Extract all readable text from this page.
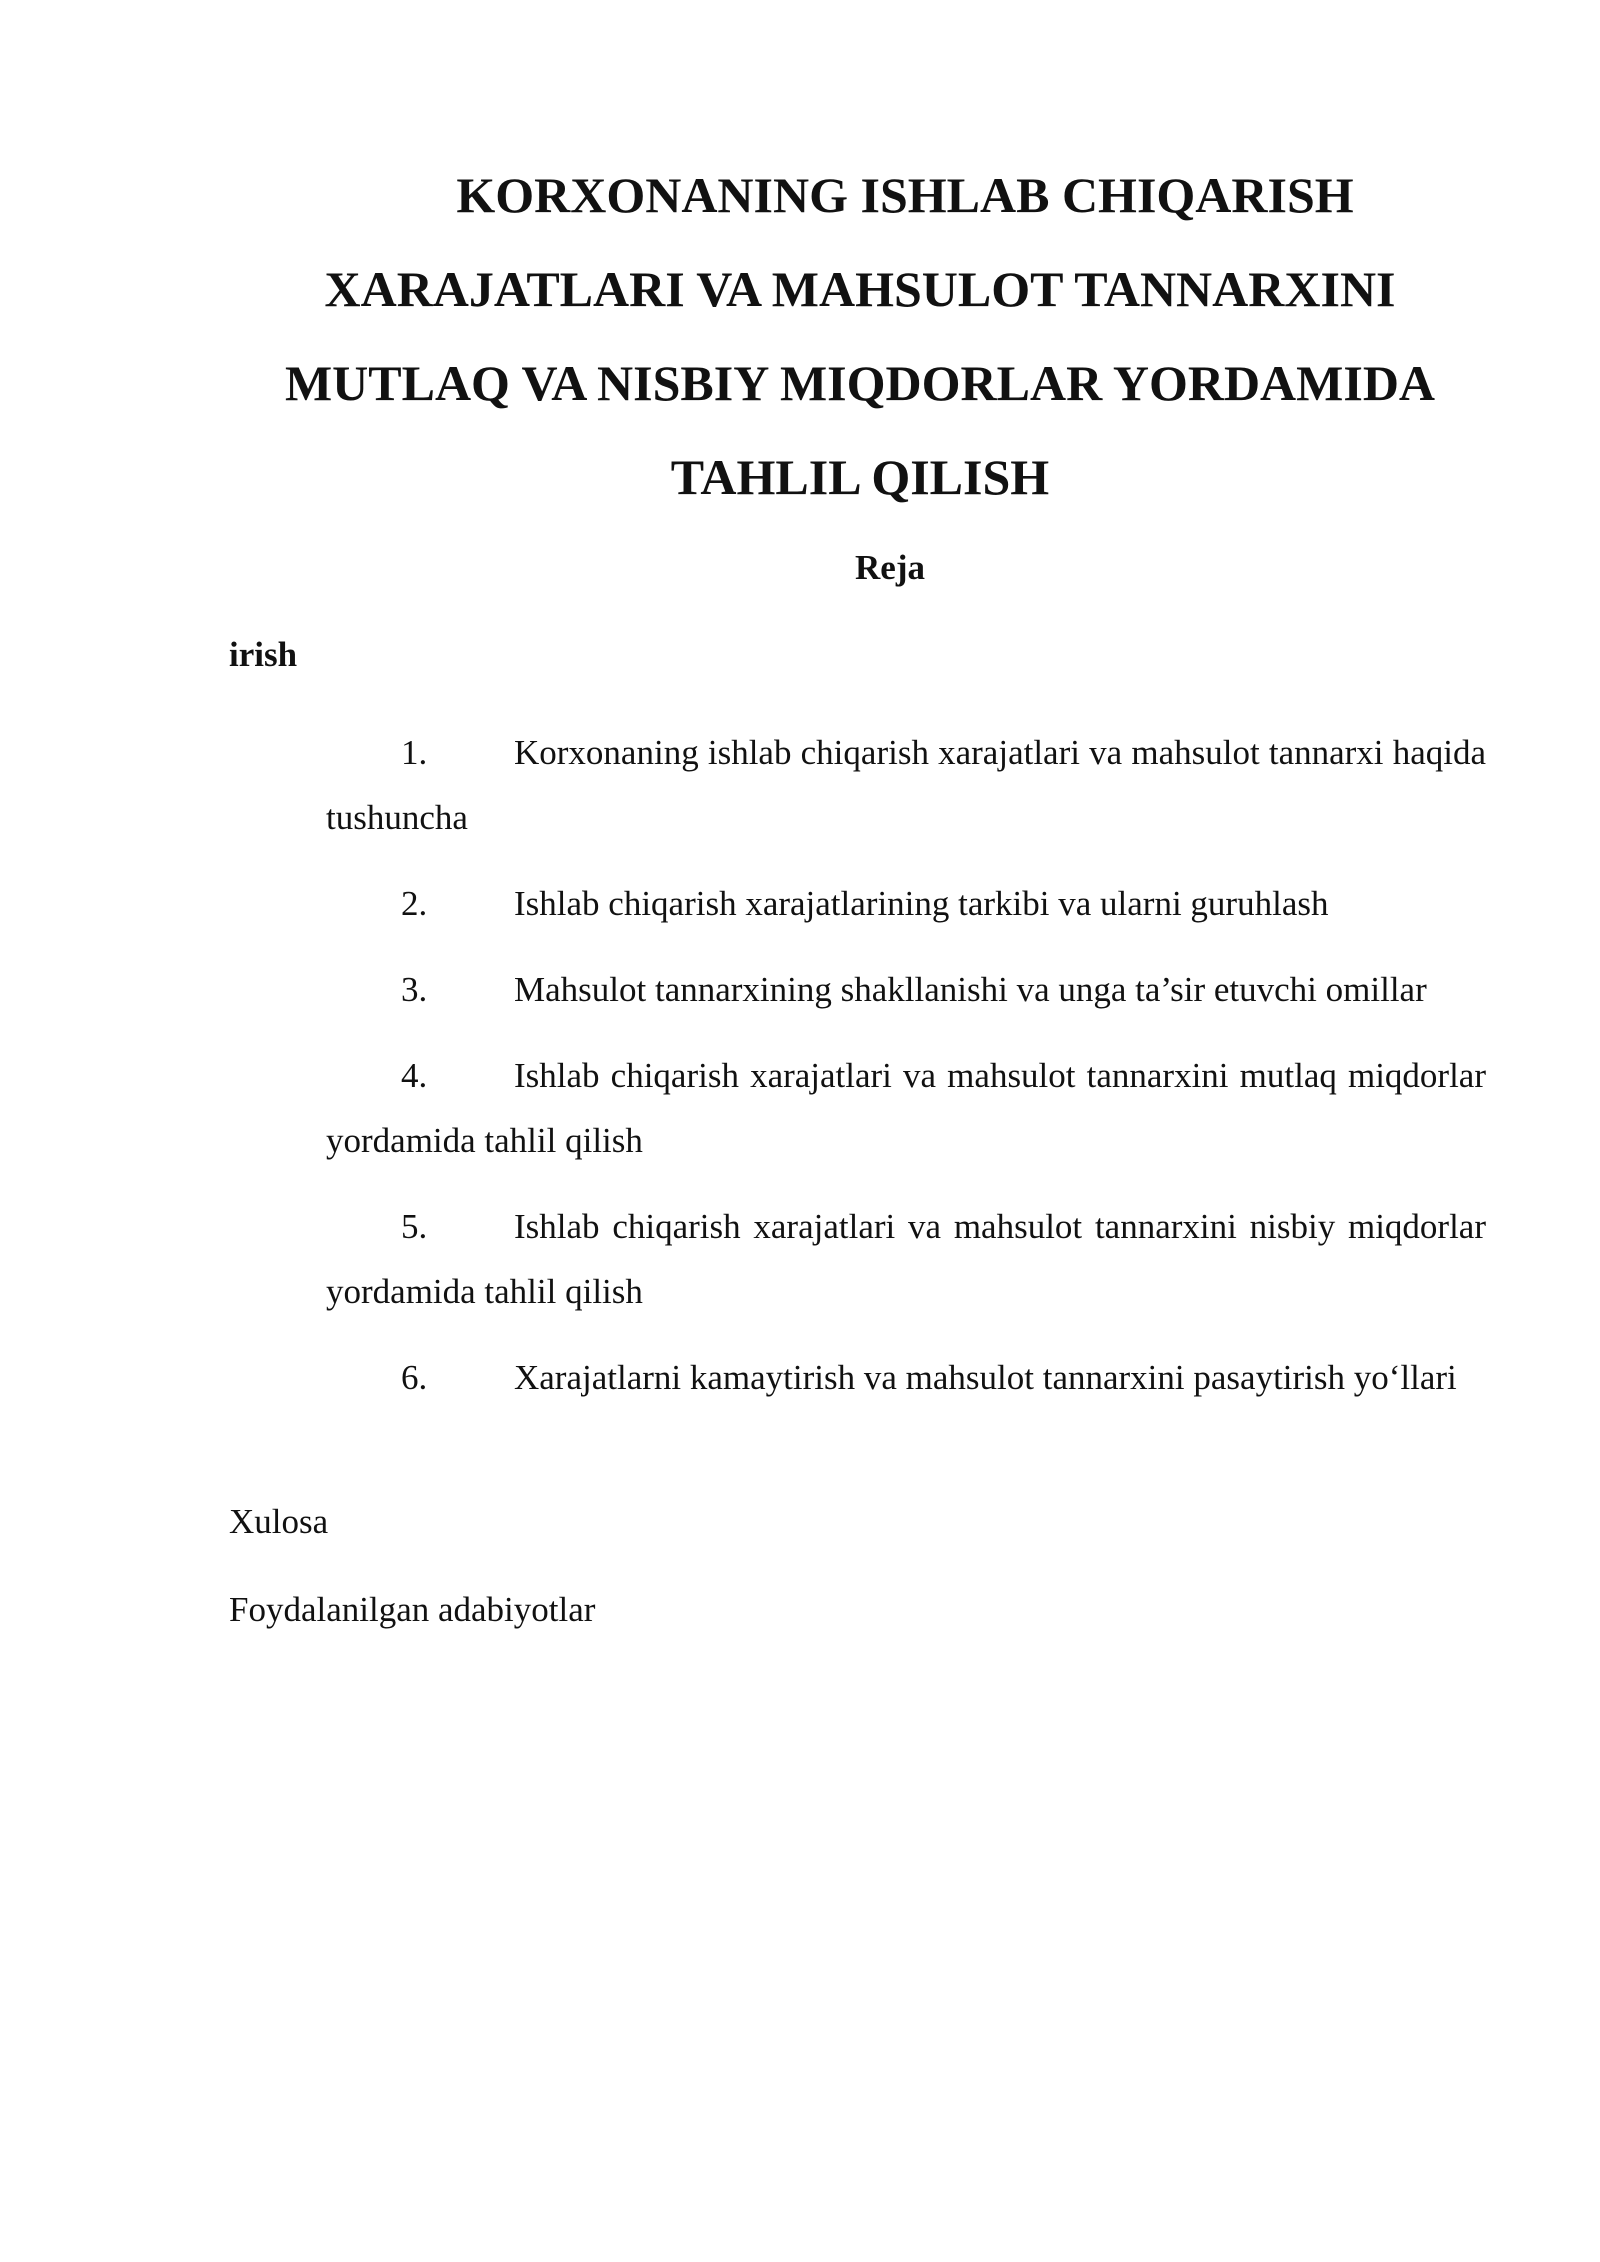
KORXONANING ISHLAB CHIQARISH
XARAJATLARI VA MAHSULOT TANNARXINI
MUTLAQ VA NISBIY MIQDORLAR YORDAMIDA
TAHLIL QILISH
Reja
irish
1.	Korxonaning ishlab chiqarish xarajatlari va mahsulot tannarxi haqida tushuncha
2.	Ishlab chiqarish xarajatlarining tarkibi va ularni guruhlash
3.	Mahsulot tannarxining shakllanishi va unga ta’sir etuvchi omillar
4.	Ishlab chiqarish xarajatlari va mahsulot tannarxini mutlaq miqdorlar yordamida tahlil qilish
5.	Ishlab chiqarish xarajatlari va mahsulot tannarxini nisbiy miqdorlar yordamida tahlil qilish
6.	Xarajatlarni kamaytirish va mahsulot tannarxini pasaytirish yo‘llari
Xulosa
Foydalanilgan adabiyotlar
